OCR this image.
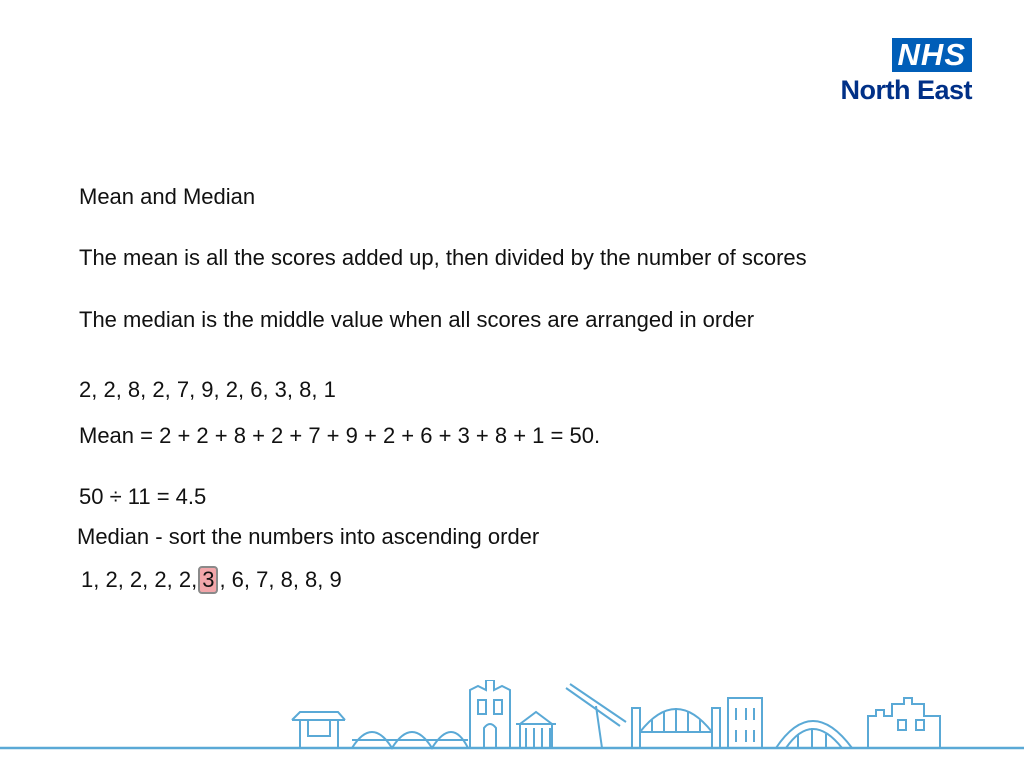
NHS
North East
Mean and Median
The mean is all the scores added up, then divided by the number of scores
The median is the middle value when all scores are arranged in order
2, 2, 8, 2, 7, 9, 2, 6, 3, 8, 1
Mean = 2 + 2 + 8 + 2 + 7 + 9 + 2 + 6 + 3 + 8 + 1 = 50.
50 ÷ 11 = 4.5
Median - sort the numbers into ascending order
1, 2, 2, 2, 2, 3 , 6, 7, 8, 8, 9
